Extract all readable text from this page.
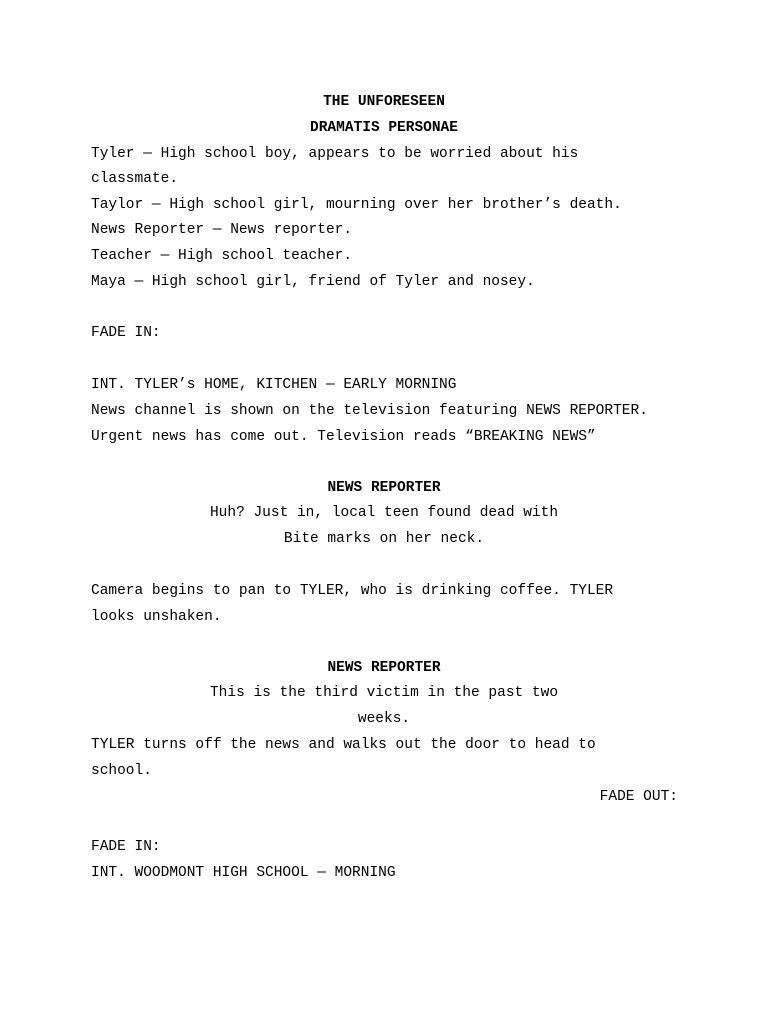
THE UNFORESEEN
DRAMATIS PERSONAE
Tyler — High school boy, appears to be worried about his
classmate.
Taylor — High school girl, mourning over her brother’s death.
News Reporter — News reporter.
Teacher — High school teacher.
Maya — High school girl, friend of Tyler and nosey.
FADE IN:
INT. TYLER’s HOME, KITCHEN — EARLY MORNING
News channel is shown on the television featuring NEWS REPORTER.
Urgent news has come out. Television reads “BREAKING NEWS”
NEWS REPORTER
Huh? Just in, local teen found dead with
Bite marks on her neck.
Camera begins to pan to TYLER, who is drinking coffee. TYLER
looks unshaken.
NEWS REPORTER
This is the third victim in the past two
weeks.
TYLER turns off the news and walks out the door to head to
school.
FADE OUT:
FADE IN:
INT. WOODMONT HIGH SCHOOL — MORNING
